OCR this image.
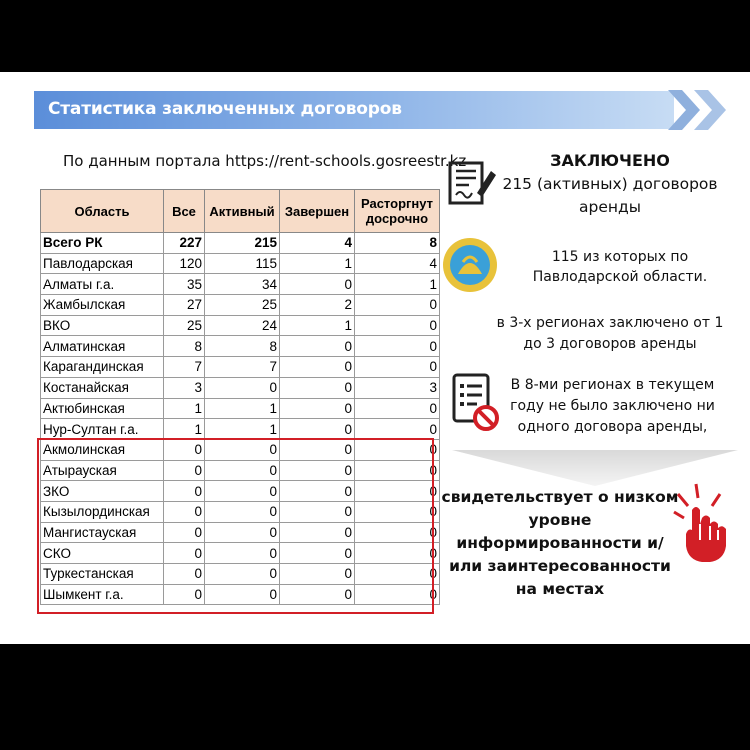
Статистика заключенных договоров
По данным портала https://rent-schools.gosreestr.kz
Область	Все	Активный	Завершен	Расторгнут досрочно
Всего РК	227	215	4	8
Павлодарская	120	115	1	4
Алматы г.а.	35	34	0	1
Жамбылская	27	25	2	0
ВКО	25	24	1	0
Алматинская	8	8	0	0
Карагандинская	7	7	0	0
Костанайская	3	0	0	3
Актюбинская	1	1	0	0
Нур-Султан г.а.	1	1	0	0
Акмолинская	0	0	0	0
Атырауская	0	0	0	0
ЗКО	0	0	0	0
Кызылординская	0	0	0	0
Мангистауская	0	0	0	0
СКО	0	0	0	0
Туркестанская	0	0	0	0
Шымкент г.а.	0	0	0	0
ЗАКЛЮЧЕНО
215 (активных) договоров аренды
115 из которых по Павлодарской области.
в 3-х регионах заключено от 1 до 3 договоров аренды
В 8-ми регионах в текущем году не было заключено ни одного договора аренды,
свидетельствует о низком уровне информированности и/или заинтересованности на местах
